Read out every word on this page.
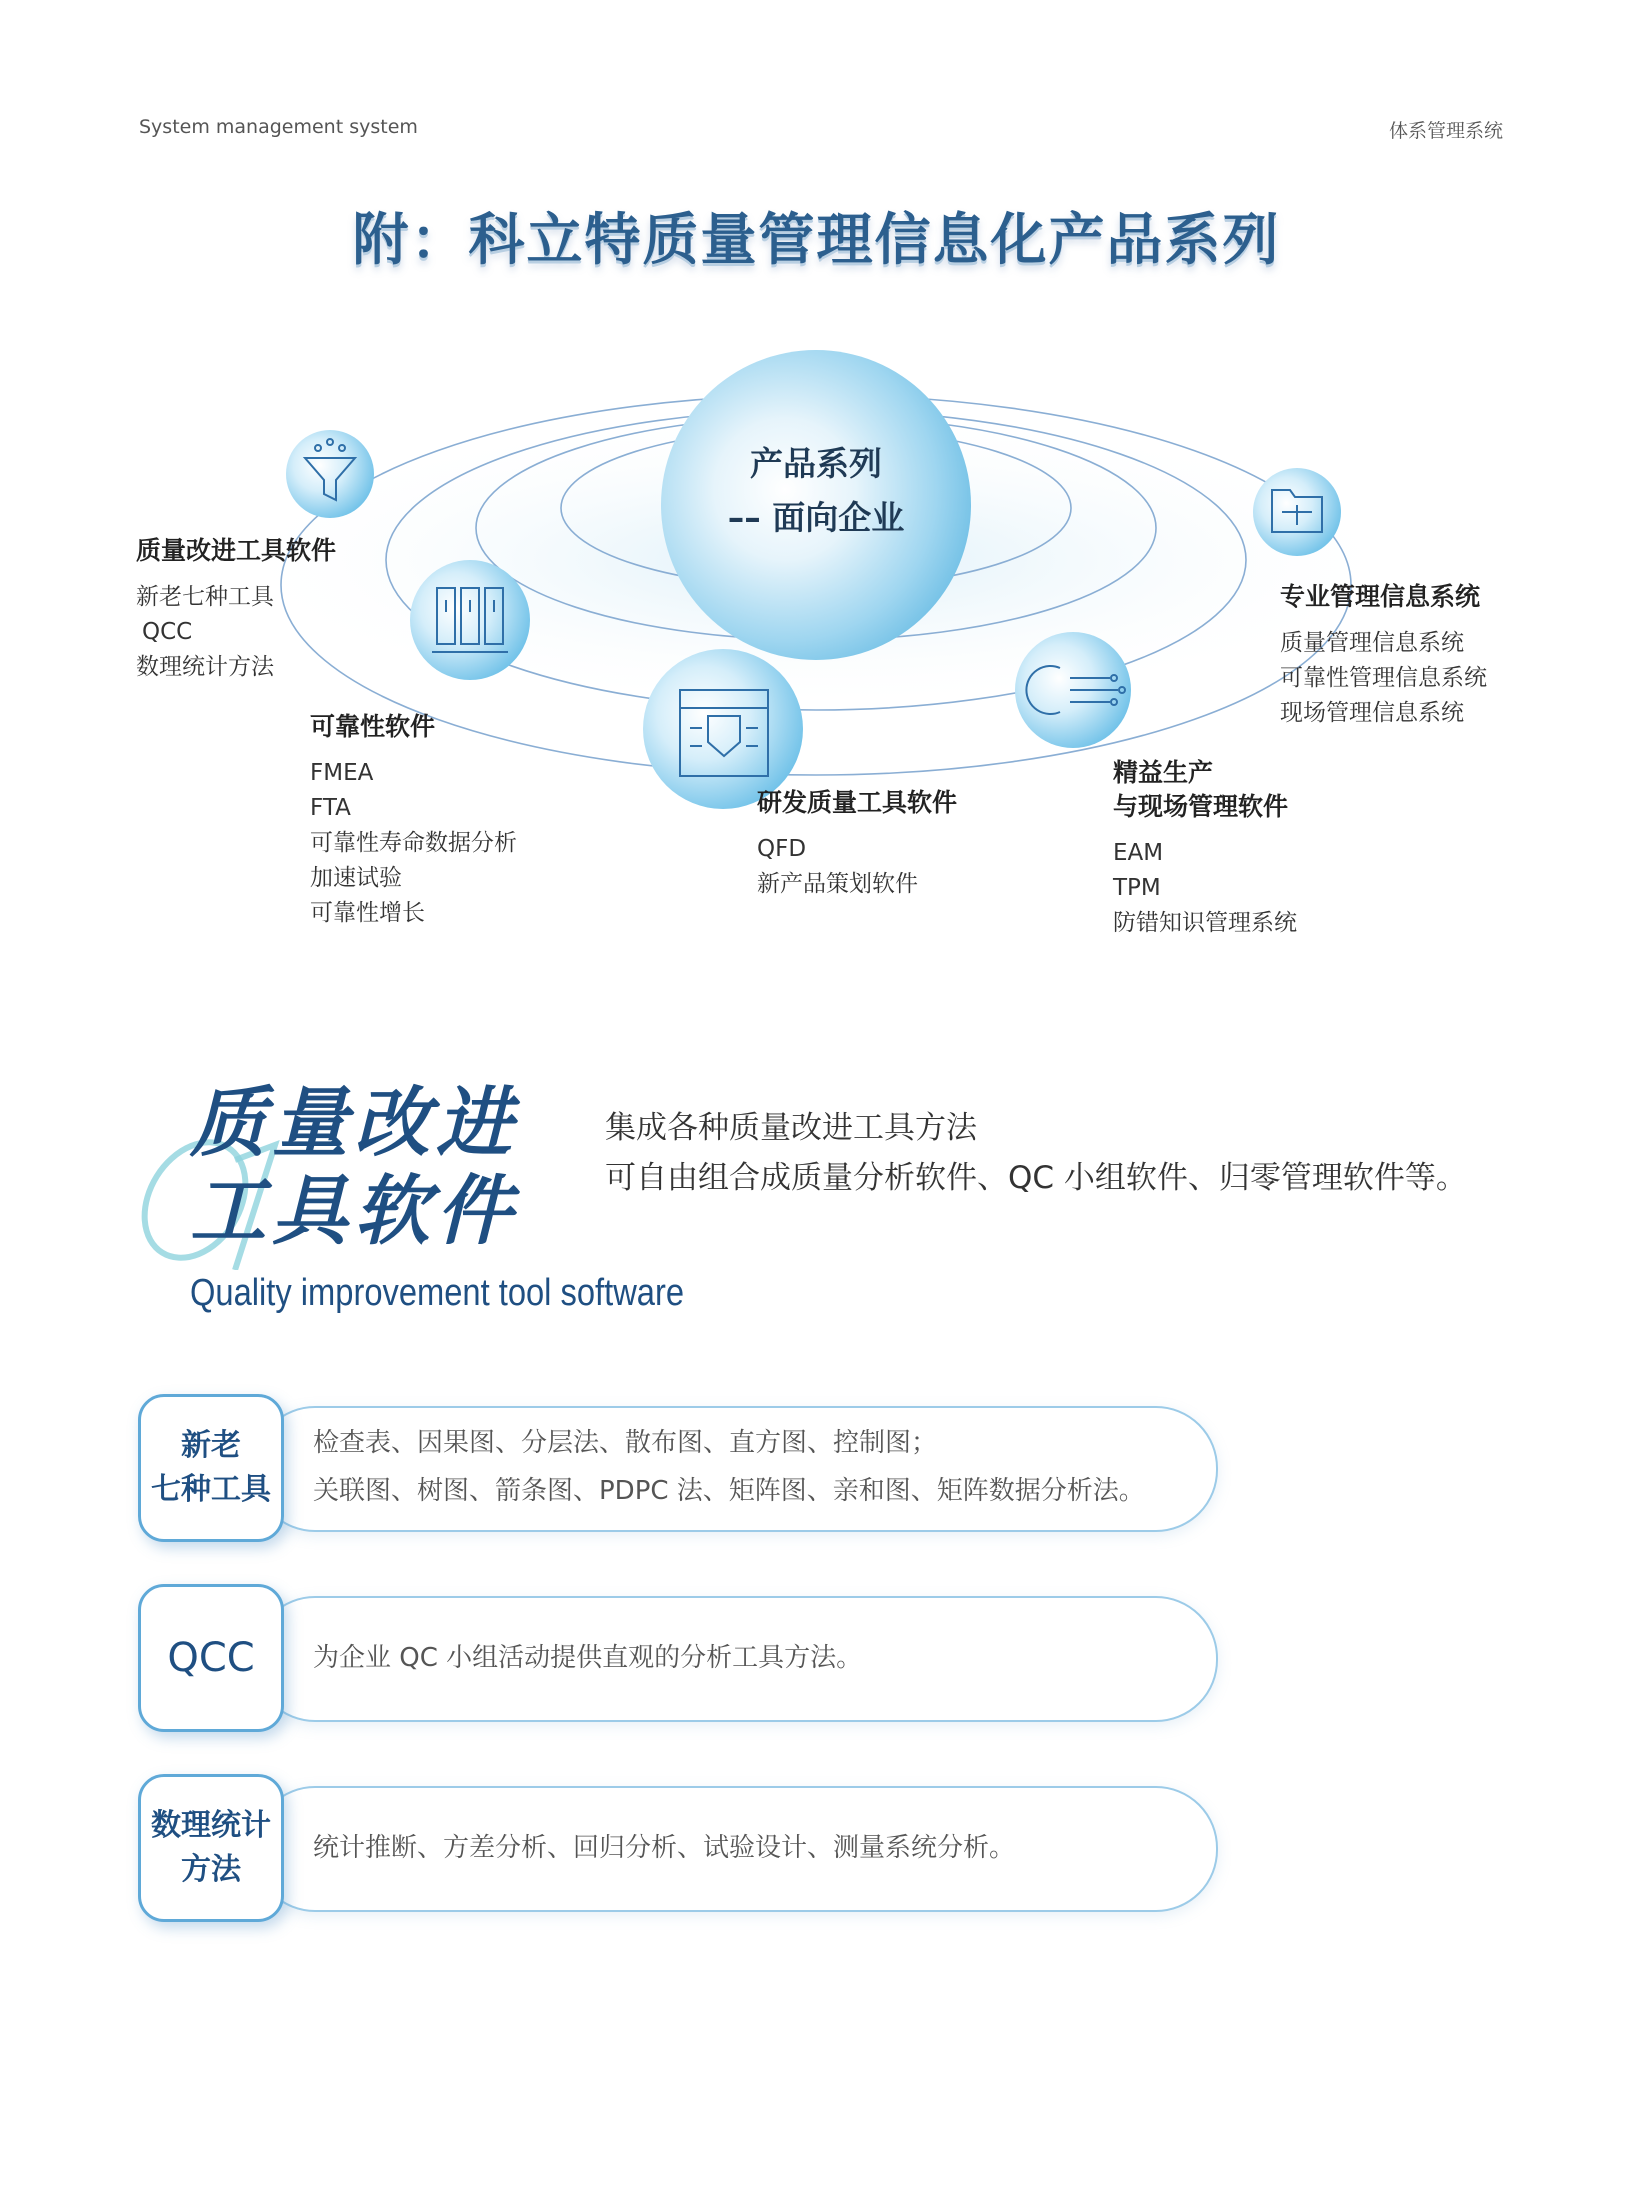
System management system	体系管理系统
附：科立特质量管理信息化产品系列
产品系列
–– 面向企业
质量改进工具软件
新老七种工具
QCC
数理统计方法
可靠性软件
FMEA
FTA
可靠性寿命数据分析
加速试验
可靠性增长
研发质量工具软件
QFD
新产品策划软件
精益生产
与现场管理软件
EAM
TPM
防错知识管理系统
专业管理信息系统
质量管理信息系统
可靠性管理信息系统
现场管理信息系统
质量改进
工具软件
Quality improvement tool software
集成各种质量改进工具方法
可自由组合成质量分析软件、QC 小组软件、归零管理软件等。
新老
七种工具
检查表、因果图、分层法、散布图、直方图、控制图；
关联图、树图、箭条图、PDPC 法、矩阵图、亲和图、矩阵数据分析法。
QCC 为企业 QC 小组活动提供直观的分析工具方法。
数理统计
方法
统计推断、方差分析、回归分析、试验设计、测量系统分析。
